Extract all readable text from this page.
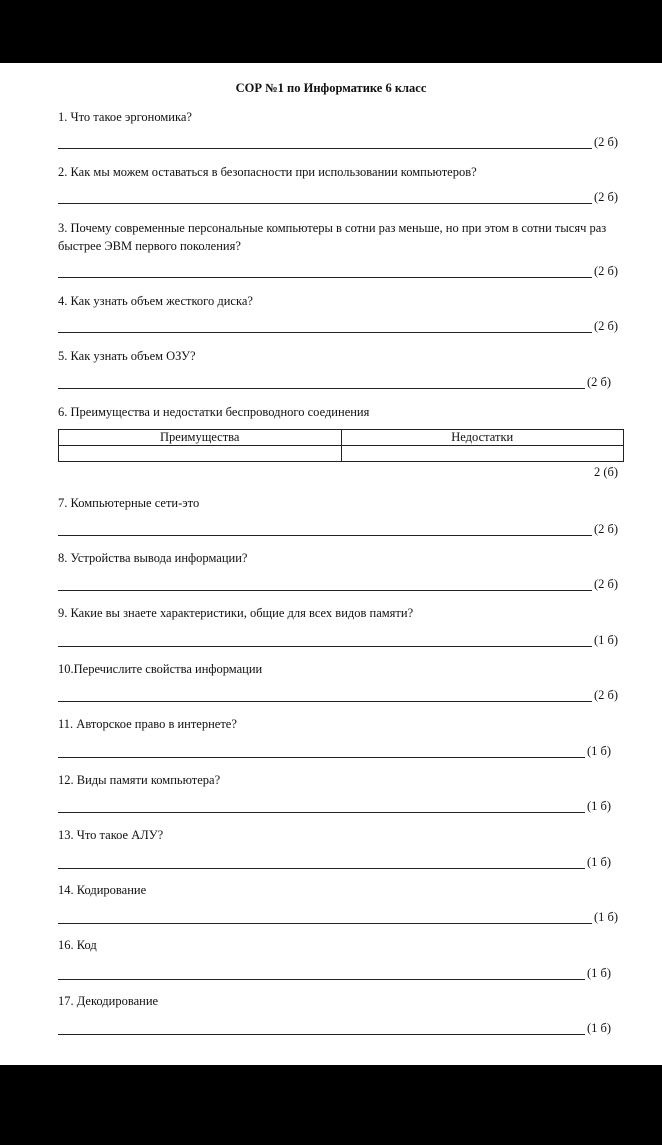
СОР №1 по Информатике 6 класс
1. Что такое эргономика?
(2 б)
2. Как мы можем оставаться в безопасности при использовании компьютеров?
(2 б)
3. Почему современные персональные компьютеры в сотни раз меньше, но при этом в сотни тысяч раз быстрее ЭВМ первого поколения?
(2 б)
4. Как узнать объем жесткого диска?
(2 б)
5. Как узнать объем ОЗУ?
(2 б)
6. Преимущества и недостатки беспроводного соединения
Преимущества	Недостатки

2 (б)
7. Компьютерные сети-это
(2 б)
8. Устройства вывода информации?
(2 б)
9. Какие вы знаете характеристики, общие для всех видов памяти?
(1 б)
10.Перечислите свойства информации
(2 б)
11. Авторское право в интернете?
(1 б)
12. Виды памяти компьютера?
(1 б)
13. Что такое АЛУ?
(1 б)
14. Кодирование
(1 б)
16. Код
(1 б)
17. Декодирование
(1 б)
